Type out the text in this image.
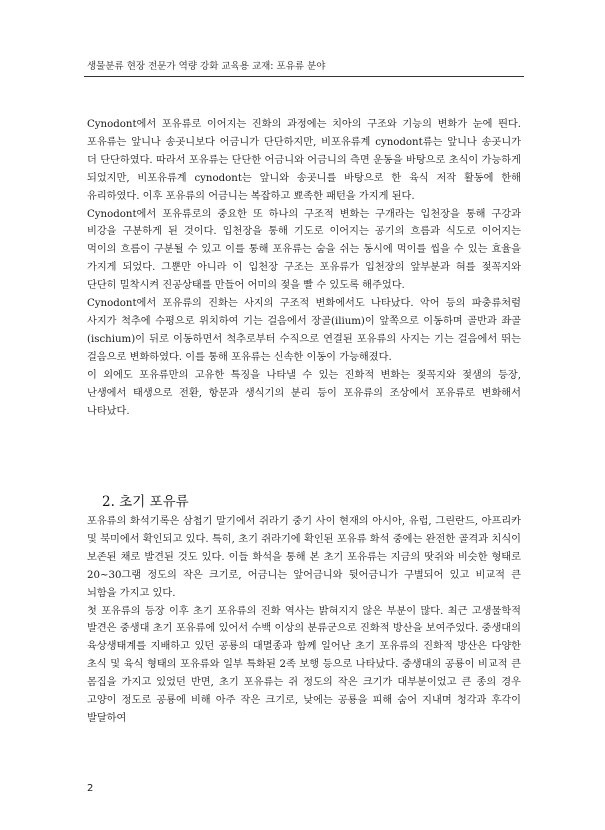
생물분류 현장 전문가 역량 강화 교육용 교재: 포유류 분야

Cynodont에서 포유류로 이어지는 진화의 과정에는 치아의 구조와 기능의 변화가 눈에 띈다. 포유류는 앞니나 송곳니보다 어금니가 단단하지만, 비포유류계 cynodont류는 앞니나 송곳니가 더 단단하였다. 따라서 포유류는 단단한 어금니와 어금니의 측면 운동을 바탕으로 초식이 가능하게 되었지만, 비포유류계 cynodont는 앞니와 송곳니를 바탕으로 한 육식 저작 활동에 한해 유리하였다. 이후 포유류의 어금니는 복잡하고 뾰족한 패턴을 가지게 된다.

Cynodont에서 포유류로의 중요한 또 하나의 구조적 변화는 구개라는 입천장을 통해 구강과 비강을 구분하게 된 것이다. 입천장을 통해 기도로 이어지는 공기의 흐름과 식도로 이어지는 먹이의 흐름이 구분될 수 있고 이를 통해 포유류는 숨을 쉬는 동시에 먹이를 씹을 수 있는 효율을 가지게 되었다. 그뿐만 아니라 이 입천장 구조는 포유류가 입천장의 앞부분과 혀를 젖꼭지와 단단히 밀착시켜 진공상태를 만들어 어미의 젖을 빨 수 있도록 해주었다.

Cynodont에서 포유류의 진화는 사지의 구조적 변화에서도 나타났다. 악어 등의 파충류처럼 사지가 척추에 수평으로 위치하여 기는 걸음에서 장골(ilium)이 앞쪽으로 이동하며 골반과 좌골(ischium)이 뒤로 이동하면서 척추로부터 수직으로 연결된 포유류의 사지는 기는 걸음에서 뛰는 걸음으로 변화하였다. 이를 통해 포유류는 신속한 이동이 가능해졌다.

이 외에도 포유류만의 고유한 특징을 나타낼 수 있는 진화적 변화는 젖꼭지와 젖샘의 등장, 난생에서 태생으로 전환, 항문과 생식기의 분리 등이 포유류의 조상에서 포유류로 변화해서 나타났다.

2. 초기 포유류

포유류의 화석기록은 삼첩기 말기에서 쥐라기 중기 사이 현재의 아시아, 유럽, 그린란드, 아프리카 및 북미에서 확인되고 있다. 특히, 초기 쥐라기에 확인된 포유류 화석 중에는 완전한 골격과 치식이 보존된 채로 발견된 것도 있다. 이들 화석을 통해 본 초기 포유류는 지금의 땃쥐와 비슷한 형태로 20~30그램 정도의 작은 크기로, 어금니는 앞어금니와 뒷어금니가 구별되어 있고 비교적 큰 뇌함을 가지고 있다.

첫 포유류의 등장 이후 초기 포유류의 진화 역사는 밝혀지지 않은 부분이 많다. 최근 고생물학적 발견은 중생대 초기 포유류에 있어서 수백 이상의 분류군으로 진화적 방산을 보여주었다. 중생대의 육상생태계를 지배하고 있던 공룡의 대멸종과 함께 일어난 초기 포유류의 진화적 방산은 다양한 초식 및 육식 형태의 포유류와 일부 특화된 2족 보행 등으로 나타났다. 중생대의 공룡이 비교적 큰 몸집을 가지고 있었던 반면, 초기 포유류는 쥐 정도의 작은 크기가 대부분이었고 큰 종의 경우 고양이 정도로 공룡에 비해 아주 작은 크기로, 낮에는 공룡을 피해 숨어 지내며 청각과 후각이 발달하여

2
